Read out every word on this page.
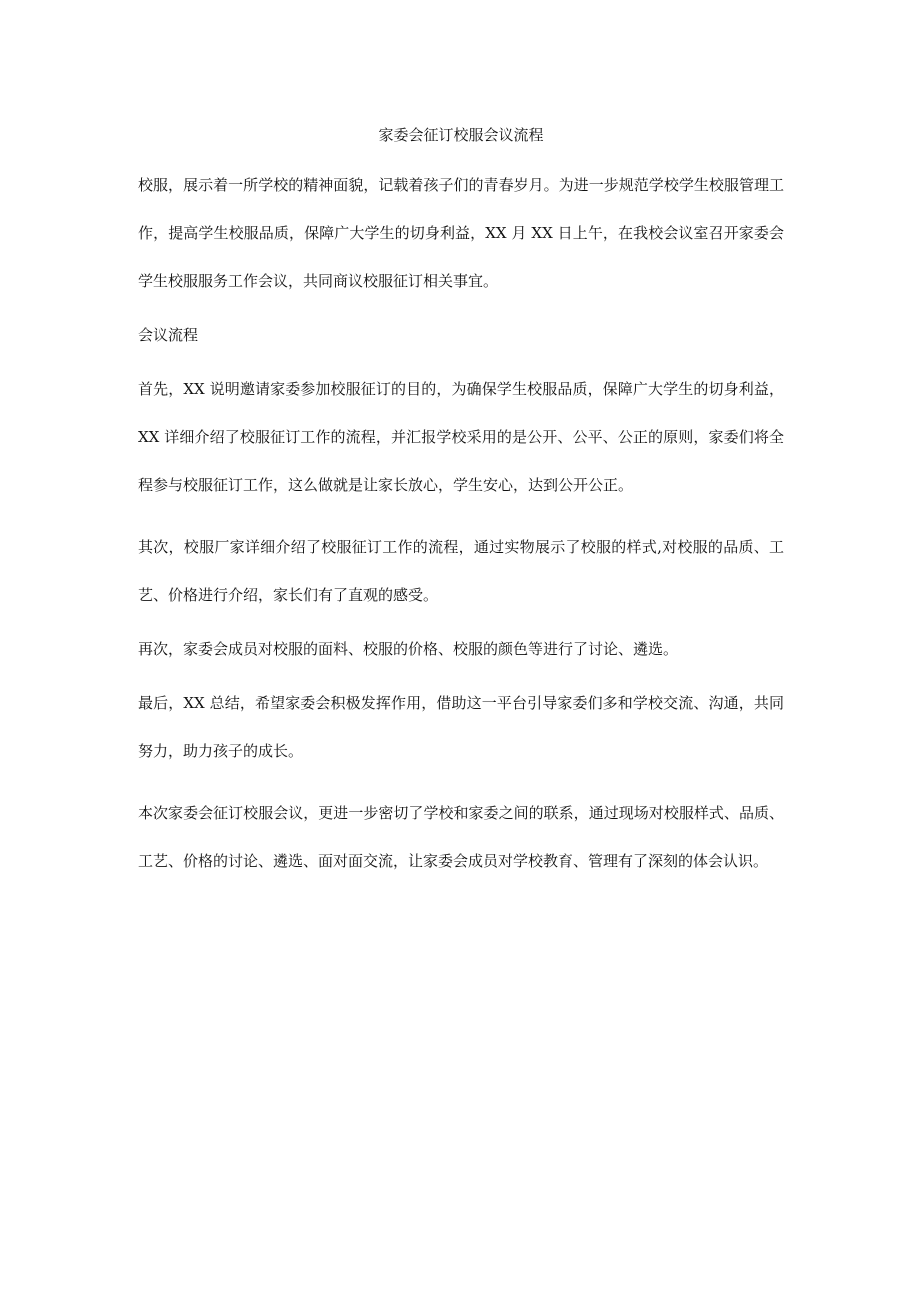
家委会征订校服会议流程

校服，展示着一所学校的精神面貌，记载着孩子们的青春岁月。为进一步规范学校学生校服管理工作，提高学生校服品质，保障广大学生的切身利益，XX 月 XX 日上午，在我校会议室召开家委会学生校服服务工作会议，共同商议校服征订相关事宜。

会议流程

首先，XX 说明邀请家委参加校服征订的目的，为确保学生校服品质，保障广大学生的切身利益，XX 详细介绍了校服征订工作的流程，并汇报学校采用的是公开、公平、公正的原则，家委们将全程参与校服征订工作，这么做就是让家长放心，学生安心，达到公开公正。

其次，校服厂家详细介绍了校服征订工作的流程，通过实物展示了校服的样式,对校服的品质、工艺、价格进行介绍，家长们有了直观的感受。

再次，家委会成员对校服的面料、校服的价格、校服的颜色等进行了讨论、遴选。

最后，XX 总结，希望家委会积极发挥作用，借助这一平台引导家委们多和学校交流、沟通，共同努力，助力孩子的成长。

本次家委会征订校服会议，更进一步密切了学校和家委之间的联系，通过现场对校服样式、品质、工艺、价格的讨论、遴选、面对面交流，让家委会成员对学校教育、管理有了深刻的体会认识。
